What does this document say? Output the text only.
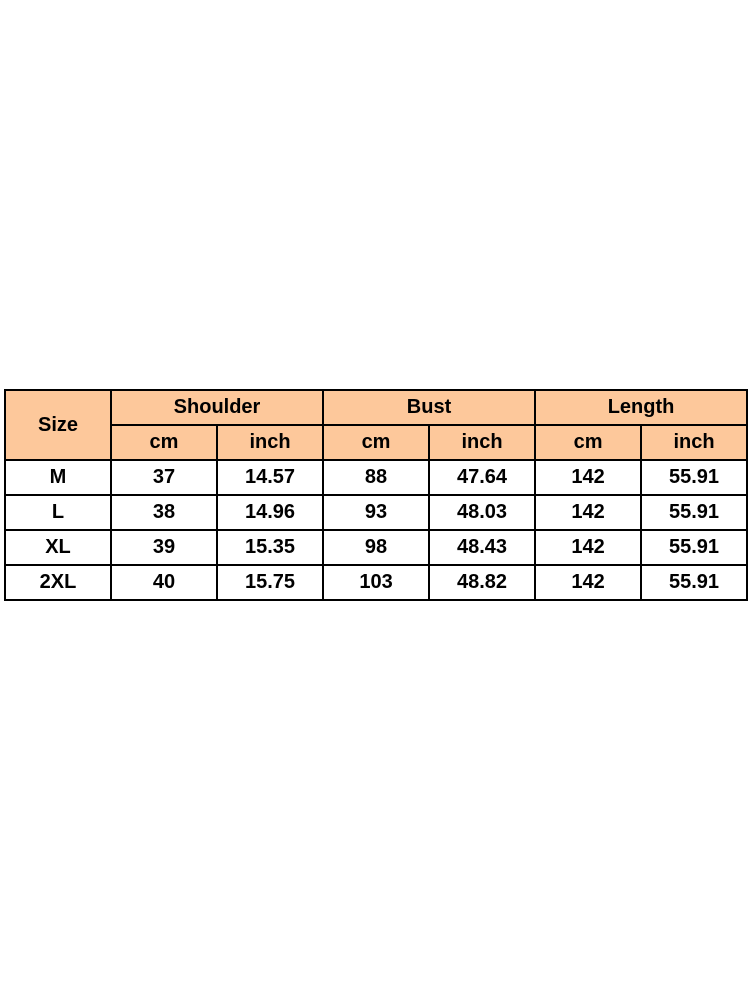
Size	Shoulder		Bust		Length	
	cm	inch	cm	inch	cm	inch
M	37	14.57	88	47.64	142	55.91
L	38	14.96	93	48.03	142	55.91
XL	39	15.35	98	48.43	142	55.91
2XL	40	15.75	103	48.82	142	55.91
